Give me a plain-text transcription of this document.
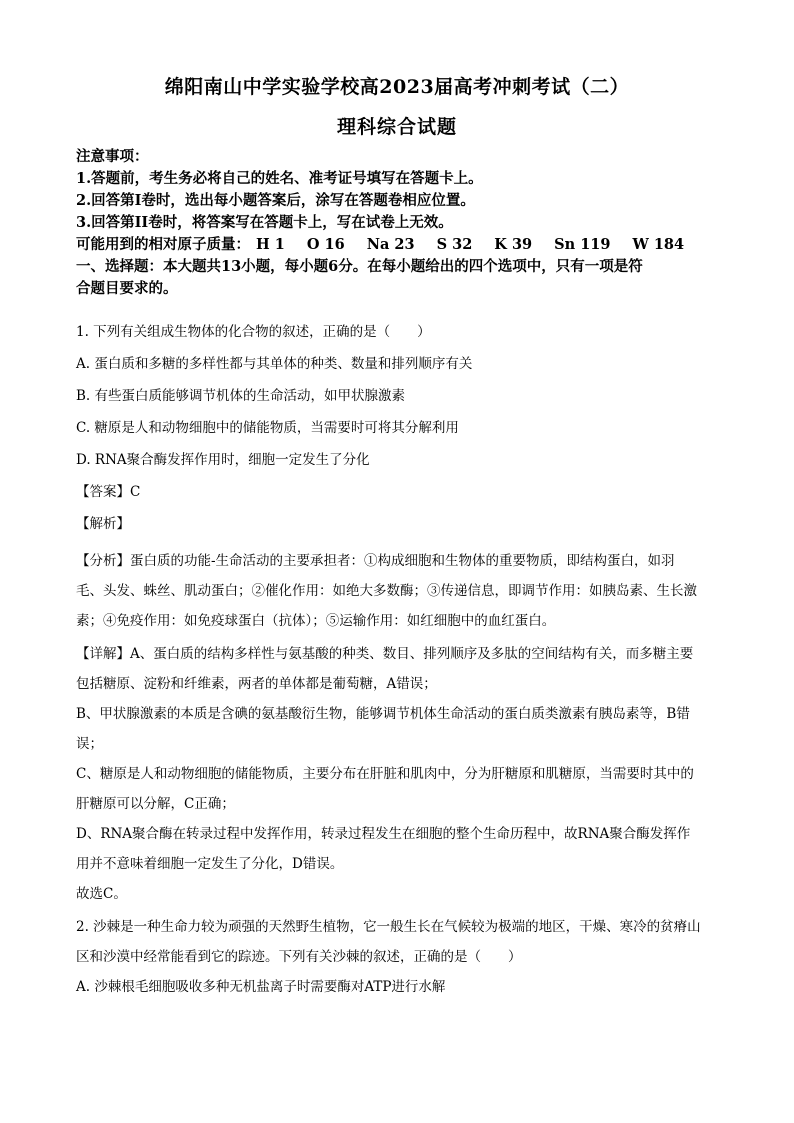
绵阳南山中学实验学校高2023届高考冲刺考试（二）
理科综合试题
注意事项：
1.答题前，考生务必将自己的姓名、准考证号填写在答题卡上。
2.回答第I卷时，选出每小题答案后，涂写在答题卷相应位置。
3.回答第II卷时，将答案写在答题卡上，写在试卷上无效。
可能用到的相对原子质量： H 1 O 16 Na 23 S 32 K 39 Sn 119 W 184
一、选择题：本大题共13小题，每小题6分。在每小题给出的四个选项中，只有一项是符
合题目要求的。
1. 下列有关组成生物体的化合物的叙述，正确的是（　　）
A. 蛋白质和多糖的多样性都与其单体的种类、数量和排列顺序有关
B. 有些蛋白质能够调节机体的生命活动，如甲状腺激素
C. 糖原是人和动物细胞中的储能物质，当需要时可将其分解利用
D. RNA聚合酶发挥作用时，细胞一定发生了分化
【答案】C
【解析】
【分析】蛋白质的功能-生命活动的主要承担者：①构成细胞和生物体的重要物质，即结构蛋白，如羽
毛、头发、蛛丝、肌动蛋白；②催化作用：如绝大多数酶；③传递信息，即调节作用：如胰岛素、生长激
素；④免疫作用：如免疫球蛋白（抗体）；⑤运输作用：如红细胞中的血红蛋白。
【详解】A、蛋白质的结构多样性与氨基酸的种类、数目、排列顺序及多肽的空间结构有关，而多糖主要
包括糖原、淀粉和纤维素，两者的单体都是葡萄糖，A错误；
B、甲状腺激素的本质是含碘的氨基酸衍生物，能够调节机体生命活动的蛋白质类激素有胰岛素等，B错
误；
C、糖原是人和动物细胞的储能物质，主要分布在肝脏和肌肉中，分为肝糖原和肌糖原，当需要时其中的
肝糖原可以分解，C正确；
D、RNA聚合酶在转录过程中发挥作用，转录过程发生在细胞的整个生命历程中，故RNA聚合酶发挥作
用并不意味着细胞一定发生了分化，D错误。
故选C。
2. 沙棘是一种生命力较为顽强的天然野生植物，它一般生长在气候较为极端的地区，干燥、寒冷的贫瘠山
区和沙漠中经常能看到它的踪迹。下列有关沙棘的叙述，正确的是（　　）
A. 沙棘根毛细胞吸收多种无机盐离子时需要酶对ATP进行水解
